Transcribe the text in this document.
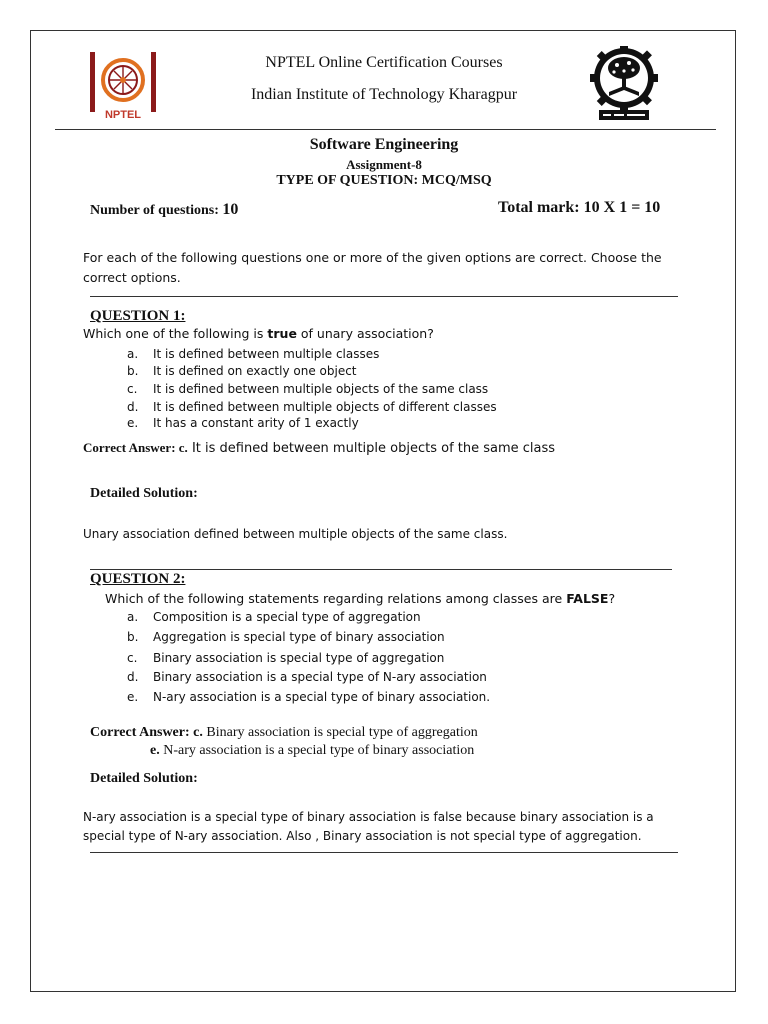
NPTEL
NPTEL Online Certification Courses
Indian Institute of Technology Kharagpur
Software Engineering
Assignment-8
TYPE OF QUESTION: MCQ/MSQ
Number of questions: 10	Total mark: 10 X 1 = 10
For each of the following questions one or more of the given options are correct. Choose the correct options.
QUESTION 1:
Which one of the following is true of unary association?
a. It is defined between multiple classes
b. It is defined on exactly one object
c. It is defined between multiple objects of the same class
d. It is defined between multiple objects of different classes
e. It has a constant arity of 1 exactly
Correct Answer: c. It is defined between multiple objects of the same class
Detailed Solution:
Unary association defined between multiple objects of the same class.
QUESTION 2:
Which of the following statements regarding relations among classes are FALSE?
a. Composition is a special type of aggregation
b. Aggregation is special type of binary association
c. Binary association is special type of aggregation
d. Binary association is a special type of N-ary association
e. N-ary association is a special type of binary association.
Correct Answer: c. Binary association is special type of aggregation
e. N-ary association is a special type of binary association
Detailed Solution:
N-ary association is a special type of binary association is false because binary association is a special type of N-ary association. Also , Binary association is not special type of aggregation.
